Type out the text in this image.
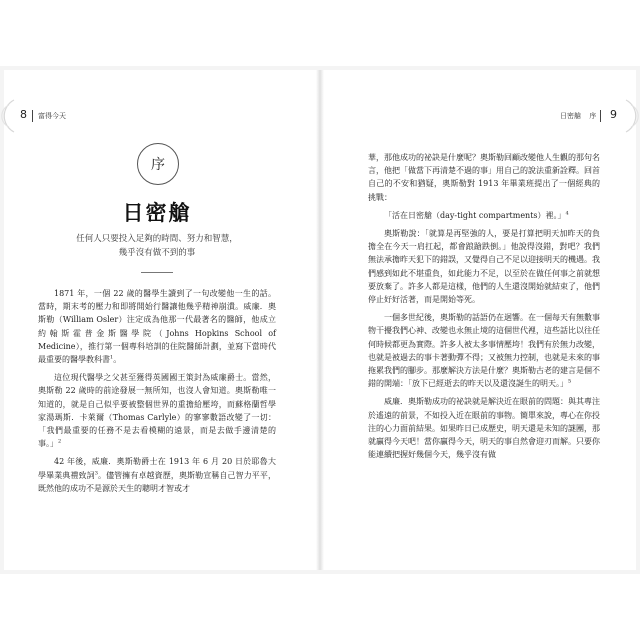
8 富得今天	日密艙 序 9
序
日密艙
任何人只要投入足夠的時間、努力和智慧，
幾乎沒有做不到的事

1871 年，一個 22 歲的醫學生讀到了一句改變他一生的話。當時，期末考的壓力和即將開始行醫讓他幾乎精神崩潰。威廉．奧斯勒（William Osler）注定成為他那一代最著名的醫師，他成立約翰斯霍普金斯醫學院（Johns Hopkins School of Medicine），推行第一個專科培訓的住院醫師計劃，並寫下當時代最重要的醫學教科書$^1$。

這位現代醫學之父甚至獲得英國國王策封為威廉爵士。當然，奧斯勒 22 歲時的前途發展一無所知，也沒人會知道。奧斯勒唯一知道的，就是自己似乎要被整個世界的重擔給壓垮，而蘇格蘭哲學家湯瑪斯．卡萊爾（Thomas Carlyle）的寥寥數語改變了一切：「我們最重要的任務不是去看模糊的遠景，而是去做手邊清楚的事。」$^2$

42 年後，威廉．奧斯勒爵士在 1913 年 6 月 20 日於耶魯大學畢業典禮致詞$^3$。儘管擁有卓越資歷，奧斯勒宣稱自己智力平平，既然他的成功不是源於天生的聰明才智或才

華，那他成功的祕訣是什麼呢？奧斯勒回顧改變他人生觀的那句名言，他把「做當下再清楚不過的事」用自己的說法重新詮釋。回首自己的不安和猶疑，奧斯勒對 1913 年畢業班提出了一個經典的挑戰：

「活在日密艙（day-tight compartments）裡。」$^4$

奧斯勒說：「就算是再堅強的人，要是打算把明天加昨天的負擔全在今天一肩扛起，都會踉蹌跌倒。」他說得沒錯，對吧？我們無法承擔昨天犯下的錯誤，又覺得自己不足以迎接明天的機遇。我們感到如此不堪重負，如此能力不足，以至於在做任何事之前就想要放棄了。許多人都是這樣，他們的人生還沒開始就結束了，他們停止好好活著，而是開始等死。

一個多世紀後，奧斯勒的話語仍在迴響。在一個每天有無數事物干擾我們心神、改變也永無止境的這個世代裡，這些話比以往任何時候都更為實際。許多人被太多事情壓垮！我們有於無力改變，也就是被過去的事卡著動彈不得；又被無力控制，也就是未來的事拖累我們的腳步。那麼解決方法是什麼？奧斯勒古老的建言是個不錯的開端：「放下已經逝去的昨天以及還沒誕生的明天。」$^5$

威廉．奧斯勒成功的祕訣就是解決近在眼前的問題：與其專注於遙遠的前景，不如投入近在眼前的事物。簡單來說，專心在你投注的心力面前結果。如果昨日已成歷史，明天還是未知的謎團，那就贏得今天吧！當你贏得今天，明天的事自然會迎刃而解。只要你能連續把握好幾個今天，幾乎沒有做
